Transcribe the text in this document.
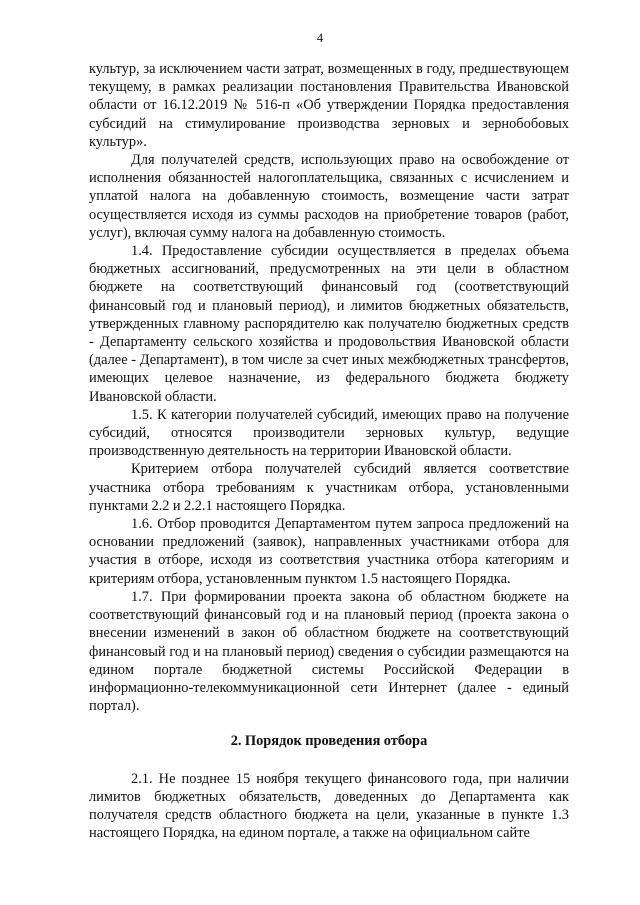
4

культур, за исключением части затрат, возмещенных в году, предшествующем текущему, в рамках реализации постановления Правительства Ивановской области от 16.12.2019 № 516-п «Об утверждении Порядка предоставления субсидий на стимулирование производства зерновых и зернобобовых культур».

Для получателей средств, использующих право на освобождение от исполнения обязанностей налогоплательщика, связанных с исчислением и уплатой налога на добавленную стоимость, возмещение части затрат осуществляется исходя из суммы расходов на приобретение товаров (работ, услуг), включая сумму налога на добавленную стоимость.

1.4. Предоставление субсидии осуществляется в пределах объема бюджетных ассигнований, предусмотренных на эти цели в областном бюджете на соответствующий финансовый год (соответствующий финансовый год и плановый период), и лимитов бюджетных обязательств, утвержденных главному распорядителю как получателю бюджетных средств - Департаменту сельского хозяйства и продовольствия Ивановской области (далее - Департамент), в том числе за счет иных межбюджетных трансфертов, имеющих целевое назначение, из федерального бюджета бюджету Ивановской области.

1.5. К категории получателей субсидий, имеющих право на получение субсидий, относятся производители зерновых культур, ведущие производственную деятельность на территории Ивановской области.

Критерием отбора получателей субсидий является соответствие участника отбора требованиям к участникам отбора, установленными пунктами 2.2 и 2.2.1 настоящего Порядка.

1.6. Отбор проводится Департаментом путем запроса предложений на основании предложений (заявок), направленных участниками отбора для участия в отборе, исходя из соответствия участника отбора категориям и критериям отбора, установленным пунктом 1.5 настоящего Порядка.

1.7. При формировании проекта закона об областном бюджете на соответствующий финансовый год и на плановый период (проекта закона о внесении изменений в закон об областном бюджете на соответствующий финансовый год и на плановый период) сведения о субсидии размещаются на едином портале бюджетной системы Российской Федерации в информационно-телекоммуникационной сети Интернет (далее - единый портал).

2. Порядок проведения отбора

2.1. Не позднее 15 ноября текущего финансового года, при наличии лимитов бюджетных обязательств, доведенных до Департамента как получателя средств областного бюджета на цели, указанные в пункте 1.3 настоящего Порядка, на едином портале, а также на официальном сайте
